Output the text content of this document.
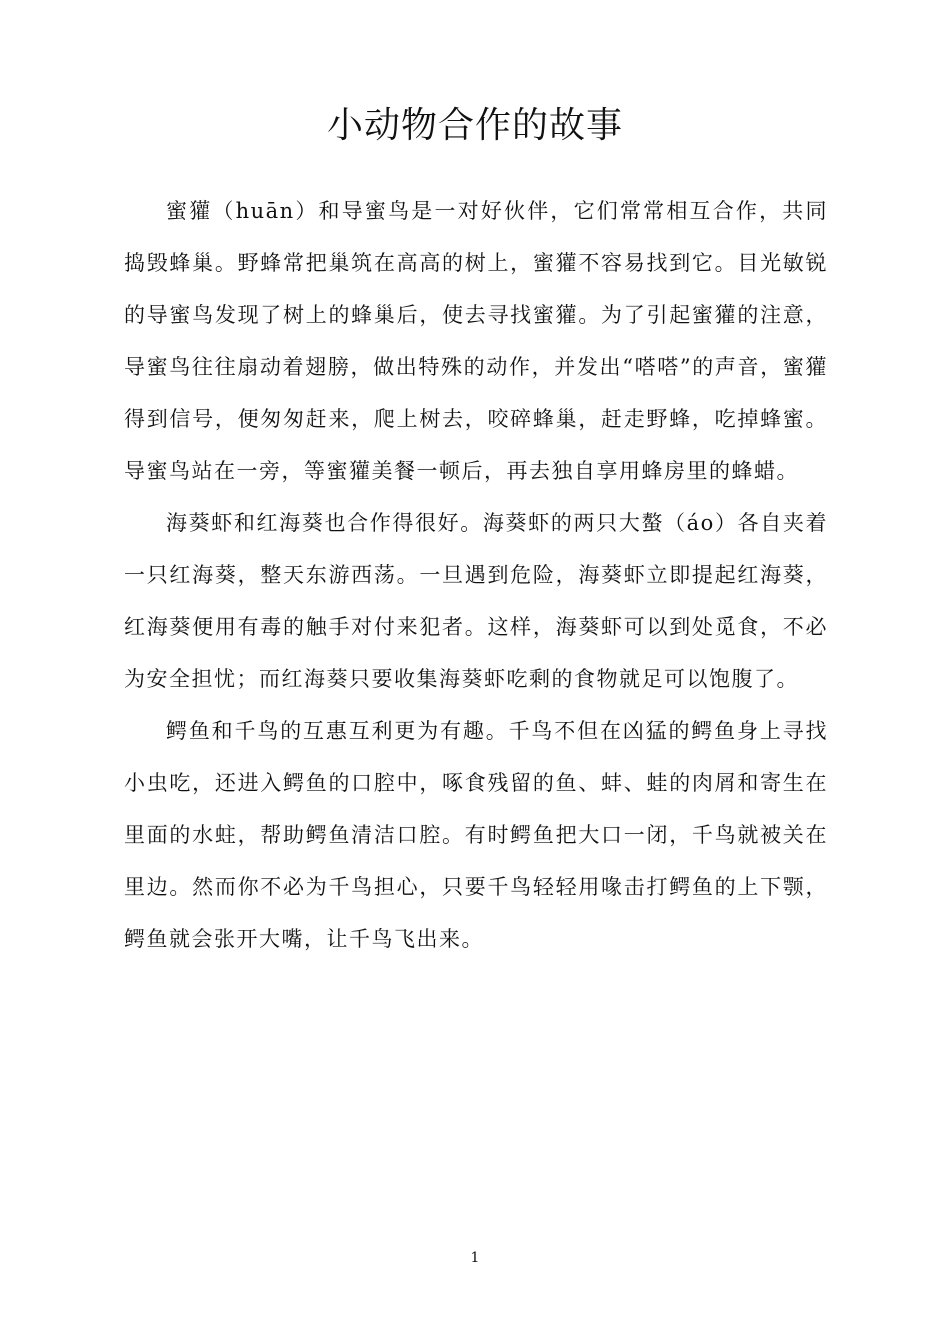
小动物合作的故事

蜜獾（huān）和导蜜鸟是一对好伙伴，它们常常相互合作，共同捣毁蜂巢。野蜂常把巢筑在高高的树上，蜜獾不容易找到它。目光敏锐的导蜜鸟发现了树上的蜂巢后，使去寻找蜜獾。为了引起蜜獾的注意，导蜜鸟往往扇动着翅膀，做出特殊的动作，并发出“嗒嗒”的声音，蜜獾得到信号，便匆匆赶来，爬上树去，咬碎蜂巢，赶走野蜂，吃掉蜂蜜。导蜜鸟站在一旁，等蜜獾美餐一顿后，再去独自享用蜂房里的蜂蜡。

海葵虾和红海葵也合作得很好。海葵虾的两只大螯（áo）各自夹着一只红海葵，整天东游西荡。一旦遇到危险，海葵虾立即提起红海葵，红海葵便用有毒的触手对付来犯者。这样，海葵虾可以到处觅食，不必为安全担忧；而红海葵只要收集海葵虾吃剩的食物就足可以饱腹了。

鳄鱼和千鸟的互惠互利更为有趣。千鸟不但在凶猛的鳄鱼身上寻找小虫吃，还进入鳄鱼的口腔中，啄食残留的鱼、蚌、蛙的肉屑和寄生在里面的水蛀，帮助鳄鱼清洁口腔。有时鳄鱼把大口一闭，千鸟就被关在里边。然而你不必为千鸟担心，只要千鸟轻轻用喙击打鳄鱼的上下颚，鳄鱼就会张开大嘴，让千鸟飞出来。

1
